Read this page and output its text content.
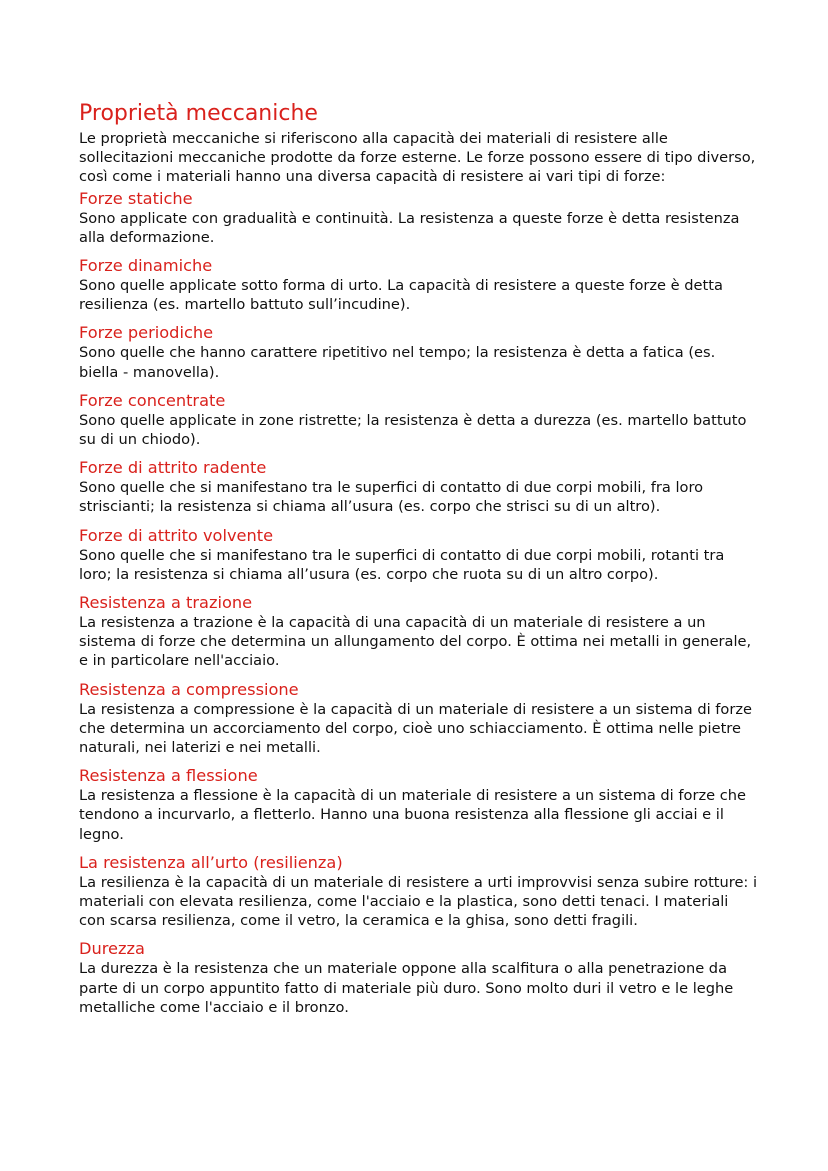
Proprietà meccaniche

Le proprietà meccaniche si riferiscono alla capacità dei materiali di resistere alle sollecitazioni meccaniche prodotte da forze esterne. Le forze possono essere di tipo diverso, così come i materiali hanno una diversa capacità di resistere ai vari tipi di forze:

Forze statiche

Sono applicate con gradualità e continuità. La resistenza a queste forze è detta resistenza alla deformazione.

Forze dinamiche

Sono quelle applicate sotto forma di urto. La capacità di resistere a queste forze è detta resilienza (es. martello battuto sull’incudine).

Forze periodiche

Sono quelle che hanno carattere ripetitivo nel tempo; la resistenza è detta a fatica (es. biella - manovella).

Forze concentrate

Sono quelle applicate in zone ristrette; la resistenza è detta a durezza (es. martello battuto su di un chiodo).

Forze di attrito radente

Sono quelle che si manifestano tra le superfici di contatto di due corpi mobili, fra loro striscianti; la resistenza si chiama all’usura (es. corpo che strisci su di un altro).

Forze di attrito volvente

Sono quelle che si manifestano tra le superfici di contatto di due corpi mobili, rotanti tra loro; la resistenza si chiama all’usura (es. corpo che ruota su di un altro corpo).

Resistenza a trazione

La resistenza a trazione è la capacità di una capacità di un materiale di resistere a un sistema di forze che determina un allungamento del corpo. È ottima nei metalli in generale, e in particolare nell'acciaio.

Resistenza a compressione

La resistenza a compressione è la capacità di un materiale di resistere a un sistema di forze che determina un accorciamento del corpo, cioè uno schiacciamento. È ottima nelle pietre naturali, nei laterizi e nei metalli.

Resistenza a flessione

La resistenza a flessione è la capacità di un materiale di resistere a un sistema di forze che tendono a incurvarlo, a fletterlo. Hanno una buona resistenza alla flessione gli acciai e il legno.

La resistenza all’urto (resilienza)

La resilienza è la capacità di un materiale di resistere a urti improvvisi senza subire rotture: i materiali con elevata resilienza, come l'acciaio e la plastica, sono detti tenaci. I materiali con scarsa resilienza, come il vetro, la ceramica e la ghisa, sono detti fragili.

Durezza

La durezza è la resistenza che un materiale oppone alla scalfitura o alla penetrazione da parte di un corpo appuntito fatto di materiale più duro. Sono molto duri il vetro e le leghe metalliche come l'acciaio e il bronzo.
